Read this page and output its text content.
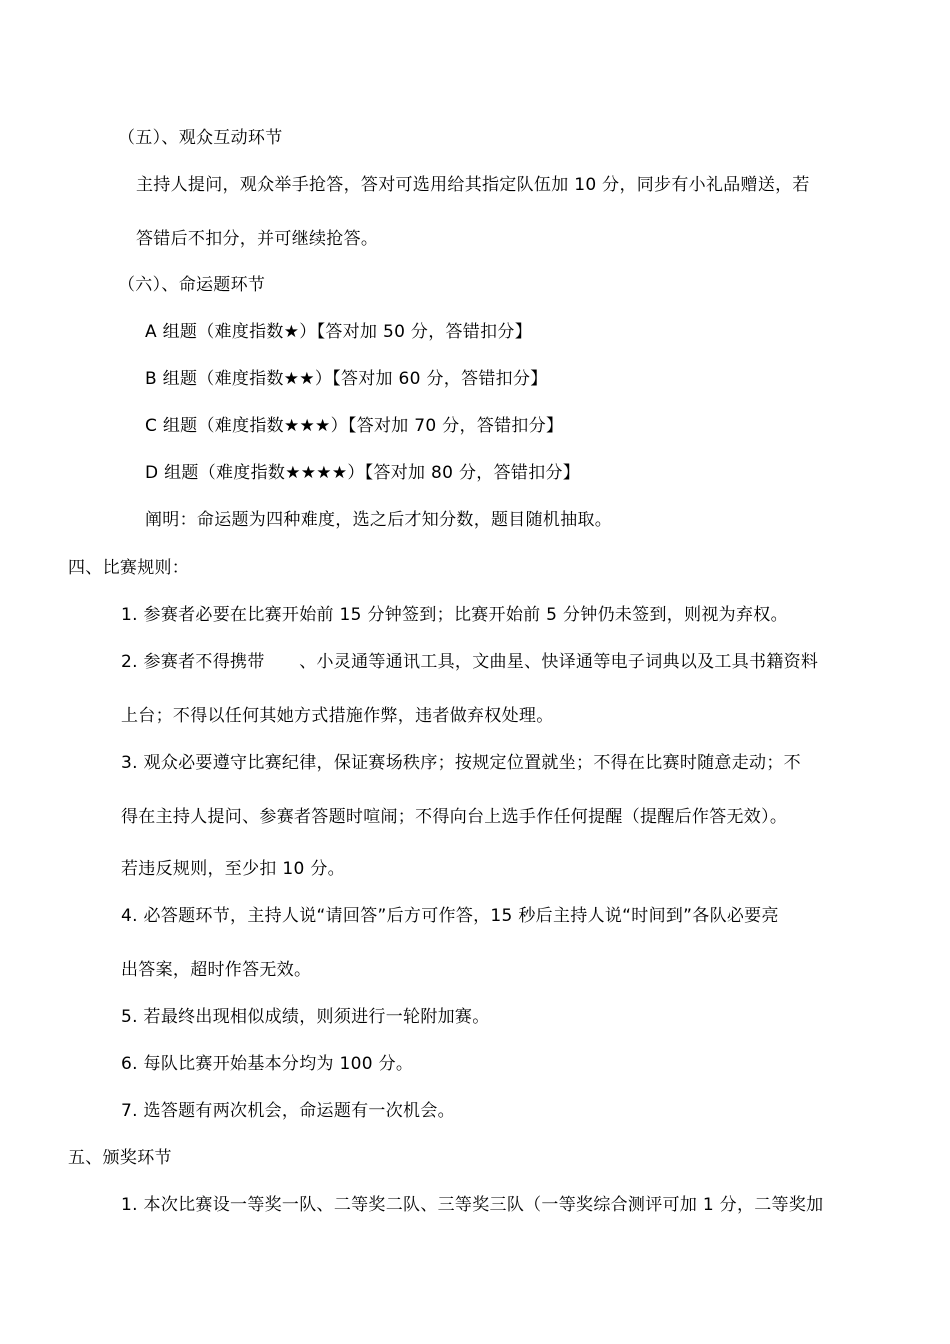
（五）、观众互动环节
主持人提问，观众举手抢答，答对可选用给其指定队伍加 10 分，同步有小礼品赠送，若
答错后不扣分，并可继续抢答。
（六）、命运题环节
A 组题（难度指数★）【答对加 50 分，答错扣分】
B 组题（难度指数★★）【答对加 60 分，答错扣分】
C 组题（难度指数★★★）【答对加 70 分，答错扣分】
D 组题（难度指数★★★★）【答对加 80 分，答错扣分】
阐明：命运题为四种难度，选之后才知分数，题目随机抽取。
四、比赛规则：
1. 参赛者必要在比赛开始前 15 分钟签到；比赛开始前 5 分钟仍未签到，则视为弃权。
2. 参赛者不得携带　　、小灵通等通讯工具，文曲星、快译通等电子词典以及工具书籍资料
上台；不得以任何其她方式措施作弊，违者做弃权处理。
3. 观众必要遵守比赛纪律，保证赛场秩序；按规定位置就坐；不得在比赛时随意走动；不
得在主持人提问、参赛者答题时喧闹；不得向台上选手作任何提醒（提醒后作答无效）。
若违反规则，至少扣 10 分。
4. 必答题环节，主持人说“请回答”后方可作答，15 秒后主持人说“时间到”各队必要亮
出答案，超时作答无效。
5. 若最终出现相似成绩，则须进行一轮附加赛。
6. 每队比赛开始基本分均为 100 分。
7. 选答题有两次机会，命运题有一次机会。
五、颁奖环节
1. 本次比赛设一等奖一队、二等奖二队、三等奖三队（一等奖综合测评可加 1 分，二等奖加
